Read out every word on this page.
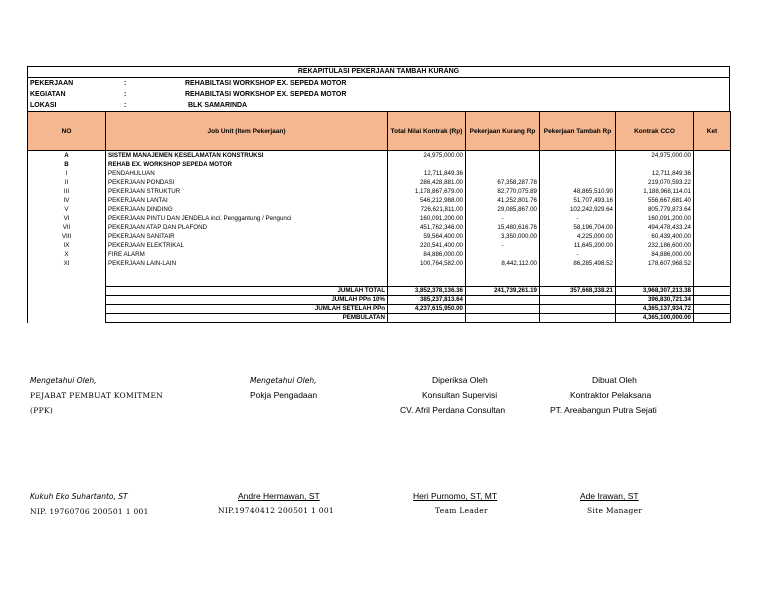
REKAPITULASI PEKERJAAN TAMBAH KURANG
PEKERJAAN	:	REHABILTASI WORKSHOP EX. SEPEDA MOTOR
KEGIATAN	:	REHABILTASI WORKSHOP EX. SEPEDA MOTOR
LOKASI	:	BLK SAMARINDA
NO	Job Unit (Item Pekerjaan)	Total Nilai Kontrak (Rp)	Pekerjaan Kurang Rp	Pekerjaan Tambah Rp	Kontrak CCO	Ket
A	SISTEM MANAJEMEN KESELAMATAN KONSTRUKSI	24,975,000.00			24,975,000.00	
B	REHAB EX. WORKSHOP SEPEDA MOTOR					
I	PENDAHULUAN	12,711,849.36			12,711,849.36	
II	PEKERJAAN PONDASI	286,428,881.00	67,358,287.78		219,070,593.22	
III	PEKERJAAN STRUKTUR	1,178,867,679.00	82,770,075.89	48,865,510.90	1,188,968,114.01	
IV	PEKERJAAN LANTAI	546,212,988.00	41,252,801.76	51,707,493.16	556,667,681.40	
V	PEKERJAAN DINDING	726,621,811.00	29,085,867.00	102,242,929.64	805,779,873.64	
VI	PEKERJAAN PINTU DAN JENDELA incl. Penggantung / Pengunci	160,091,200.00	-	-	160,091,200.00	
VII	PEKERJAAN ATAP DAN PLAFOND	451,762,346.00	15,480,616.76	58,196,704.00	494,478,433.24	
VIII	PEKERJAAN SANITAIR	59,564,400.00	3,350,000.00	4,225,000.00	60,439,400.00	
IX	PEKERJAAN ELEKTRIKAL	220,541,400.00	-	11,645,200.00	232,186,600.00	
X	FIRE ALARM	84,886,000.00		-	84,886,000.00	
XI	PEKERJAAN LAIN-LAIN	100,764,582.00	8,442,112.00	86,285,498.52	178,607,968.52	

	JUMLAH TOTAL	3,852,378,136.36	241,739,261.19	357,668,338.21	3,968,307,213.38	
	JUMLAH PPn 10%	385,237,813.64			396,830,721.34	
	JUMLAH SETELAH PPn	4,237,615,950.00			4,365,137,934.72	
	PEMBULATAN				4,365,100,000.00	
Mengetahui Oleh,
PEJABAT PEMBUAT KOMITMEN
(PPK)
Kukuh Eko Suhartanto, ST
NIP. 19760706 200501 1 001
Mengetahui Oleh,
Pokja Pengadaan
Andre Hermawan, ST
NIP.19740412 200501 1 001
Diperiksa Oleh
Konsultan Supervisi
CV. Afril Perdana Consultan
Heri Purnomo, ST, MT
Team Leader
Dibuat Oleh
Kontraktor Pelaksana
PT. Areabangun Putra Sejati
Ade Irawan, ST
Site Manager
